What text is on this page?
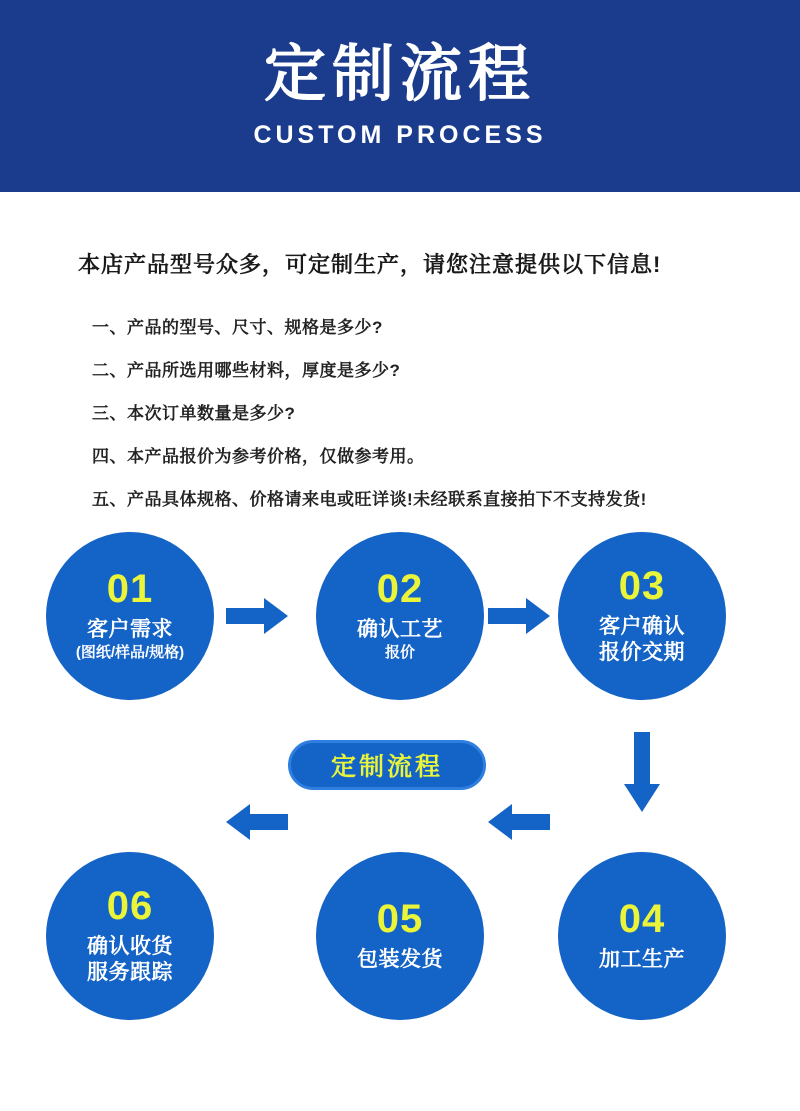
定制流程
CUSTOM PROCESS
本店产品型号众多，可定制生产，请您注意提供以下信息!
一、产品的型号、尺寸、规格是多少?
二、产品所选用哪些材料，厚度是多少?
三、本次订单数量是多少?
四、本产品报价为参考价格，仅做参考用。
五、产品具体规格、价格请来电或旺详谈!未经联系直接拍下不支持发货!
01
客户需求
(图纸/样品/规格)
02
确认工艺
报价
03
客户确认
报价交期
04
加工生产
05
包装发货
06
确认收货
服务跟踪
定制流程
